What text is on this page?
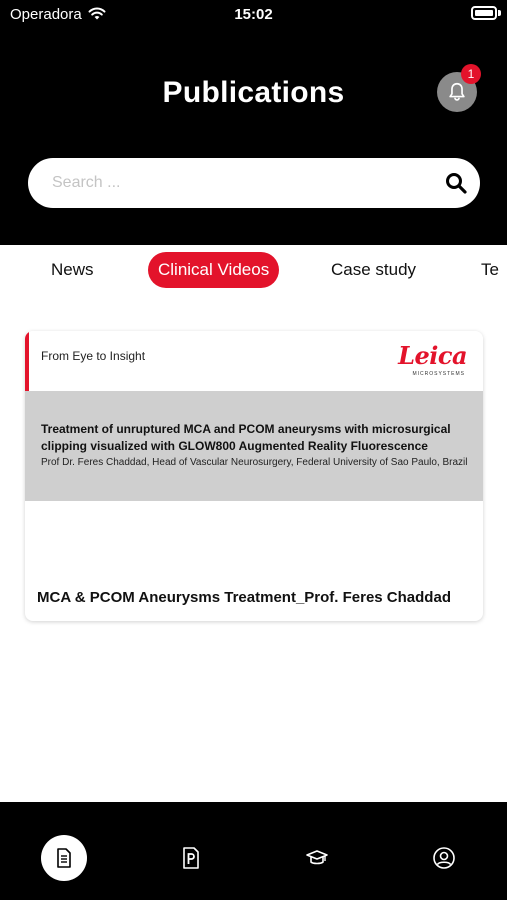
Operadora	15:02
Publications
1
Search ...
News	Clinical Videos	Case study	Te
From Eye to Insight	Leica
MICROSYSTEMS
Treatment of unruptured MCA and PCOM aneurysms with microsurgical clipping visualized with GLOW800 Augmented Reality Fluorescence
Prof Dr. Feres Chaddad, Head of Vascular Neurosurgery, Federal University of Sao Paulo, Brazil
MCA & PCOM Aneurysms Treatment_Prof. Feres Chaddad
